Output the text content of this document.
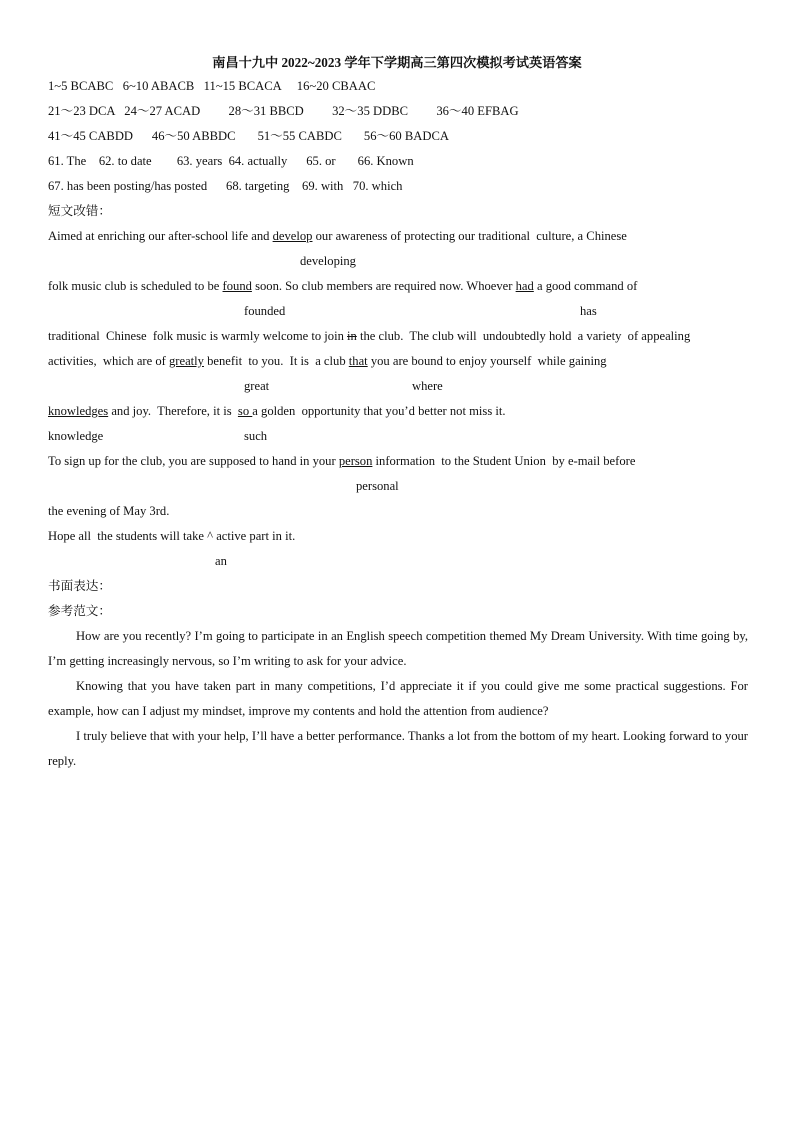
南昌十九中 2022~2023 学年下学期高三第四次模拟考试英语答案
1~5 BCABC   6~10 ABACB   11~15 BCACA     16~20 CBAAC
21～23 DCA   24～27 ACAD         28～31 BBCD         32～35 DDBC         36～40 EFBAG
41～45 CABDD      46～50 ABBDC       51～55 CABDC       56～60 BADCA
61. The    62. to date        63. years  64. actually      65. or       66. Known
67. has been posting/has posted      68. targeting    69. with   70. which
短文改错：
Aimed at enriching our after-school life and develop our awareness of protecting our traditional  culture, a Chinese
developing
folk music club is scheduled to be found soon. So club members are required now. Whoever had a good command of
founded	has
traditional  Chinese  folk music is warmly welcome to join in the club.  The club will  undoubtedly hold  a variety  of appealing
activities,  which are of greatly benefit  to you.  It is  a club that you are bound to enjoy yourself  while gaining
great	where
knowledges and joy.  Therefore, it is  so a golden  opportunity that you’d better not miss it.
knowledge	such
To sign up for the club, you are supposed to hand in your person information  to the Student Union  by e-mail before
personal
the evening of May 3rd.
Hope all  the students will take ^ active part in it.
an
书面表达：
参考范文：

How are you recently? I’m going to participate in an English speech competition themed My Dream University. With time going by, I’m getting increasingly nervous, so I’m writing to ask for your advice.

Knowing that you have taken part in many competitions, I’d appreciate it if you could give me some practical suggestions. For example, how can I adjust my mindset, improve my contents and hold the attention from audience?

I truly believe that with your help, I’ll have a better performance. Thanks a lot from the bottom of my heart. Looking forward to your reply.
